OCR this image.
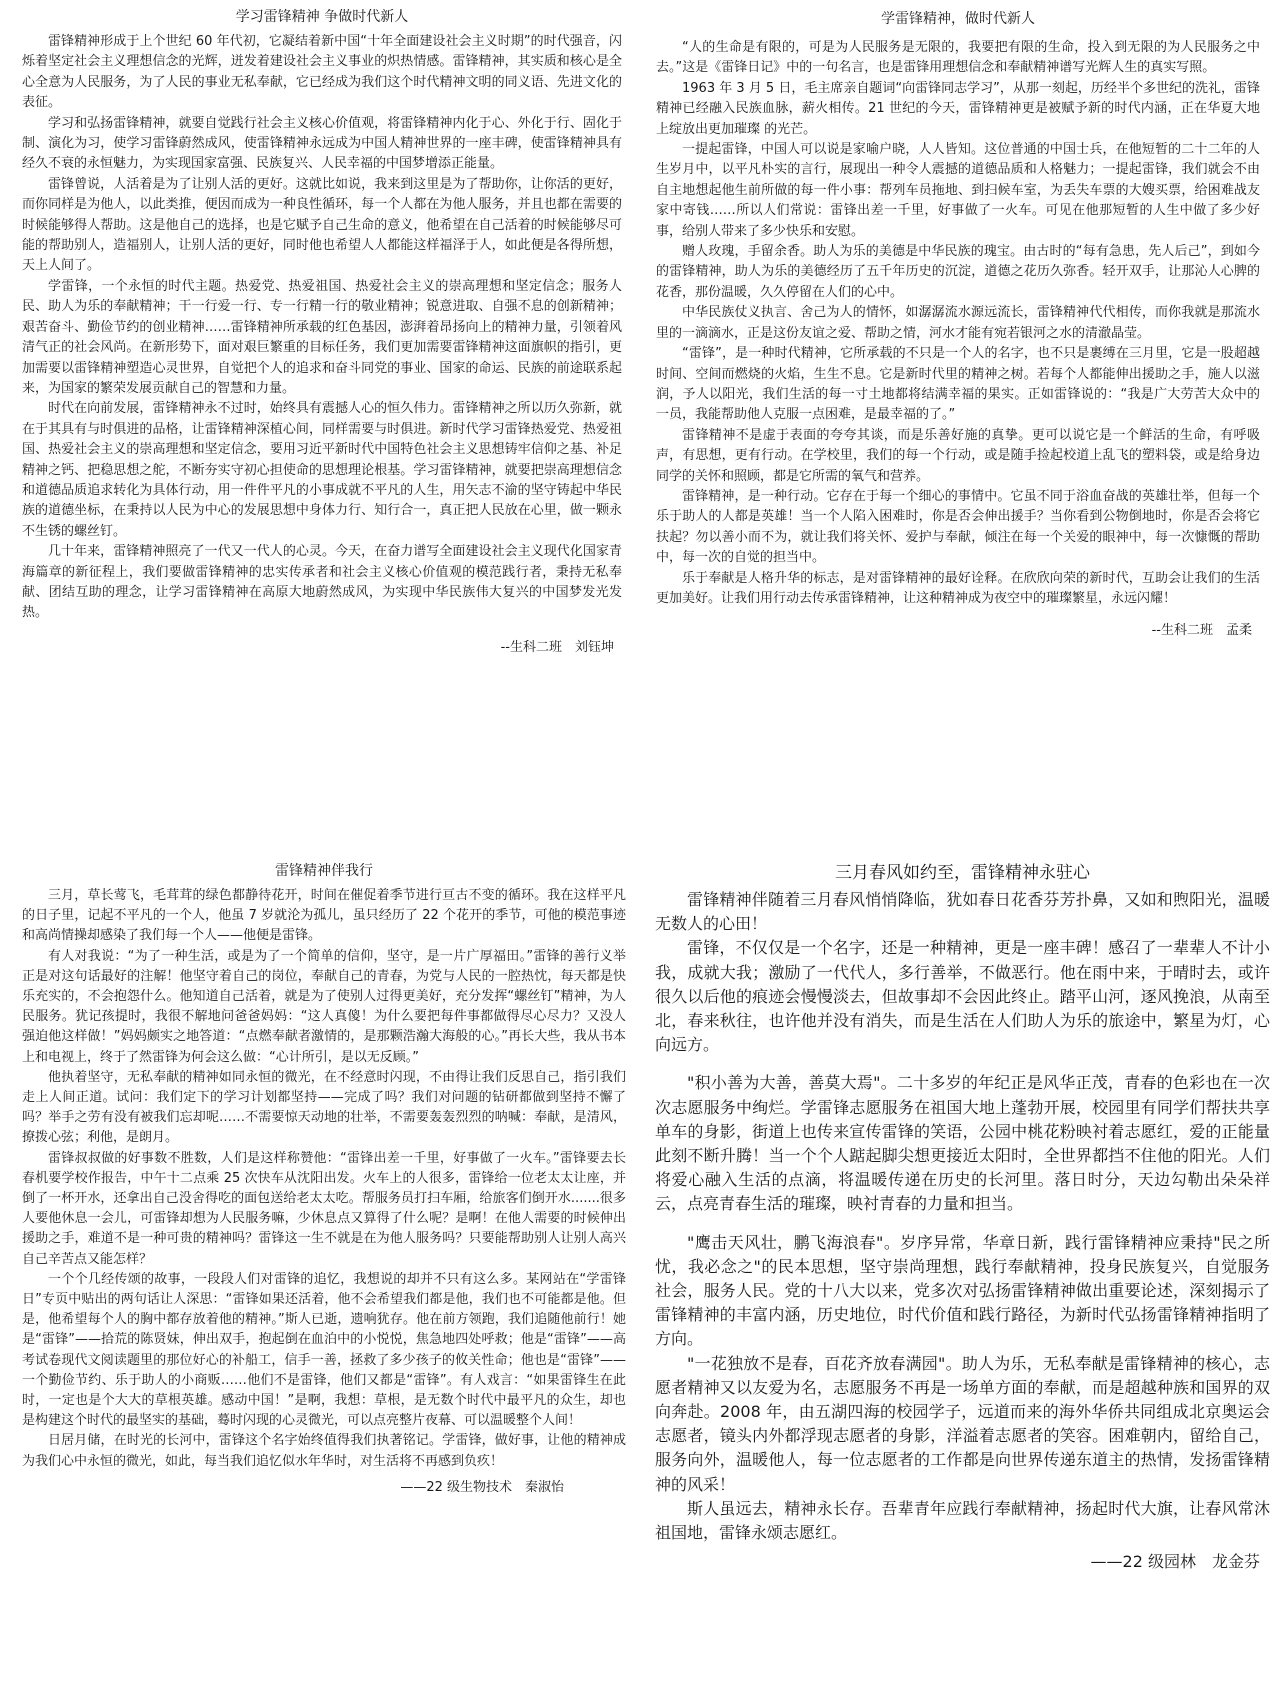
学习雷锋精神 争做时代新人

雷锋精神形成于上个世纪 60 年代初，它凝结着新中国“十年全面建设社会主义时期”的时代强音，闪烁着坚定社会主义理想信念的光辉，迸发着建设社会主义事业的炽热情感。雷锋精神，其实质和核心是全心全意为人民服务，为了人民的事业无私奉献，它已经成为我们这个时代精神文明的同义语、先进文化的表征。

学习和弘扬雷锋精神，就要自觉践行社会主义核心价值观，将雷锋精神内化于心、外化于行、固化于制、演化为习，使学习雷锋蔚然成风，使雷锋精神永远成为中国人精神世界的一座丰碑，使雷锋精神具有经久不衰的永恒魅力，为实现国家富强、民族复兴、人民幸福的中国梦增添正能量。

雷锋曾说，人活着是为了让别人活的更好。这就比如说，我来到这里是为了帮助你，让你活的更好，而你同样是为他人，以此类推，便因而成为一种良性循环，每一个人都在为他人服务，并且也都在需要的时候能够得人帮助。这是他自己的选择，也是它赋予自己生命的意义，他希望在自己活着的时候能够尽可能的帮助别人，造福别人，让别人活的更好，同时他也希望人人都能这样福泽于人，如此便是各得所想，天上人间了。

学雷锋，一个永恒的时代主题。热爱党、热爱祖国、热爱社会主义的崇高理想和坚定信念；服务人民、助人为乐的奉献精神；干一行爱一行、专一行精一行的敬业精神；锐意进取、自强不息的创新精神；艰苦奋斗、勤俭节约的创业精神……雷锋精神所承载的红色基因，澎湃着昂扬向上的精神力量，引领着风清气正的社会风尚。在新形势下，面对艰巨繁重的目标任务，我们更加需要雷锋精神这面旗帜的指引，更加需要以雷锋精神塑造心灵世界，自觉把个人的追求和奋斗同党的事业、国家的命运、民族的前途联系起来，为国家的繁荣发展贡献自己的智慧和力量。

时代在向前发展，雷锋精神永不过时，始终具有震撼人心的恒久伟力。雷锋精神之所以历久弥新，就在于其具有与时俱进的品格，让雷锋精神深植心间，同样需要与时俱进。新时代学习雷锋热爱党、热爱祖国、热爱社会主义的崇高理想和坚定信念，要用习近平新时代中国特色社会主义思想铸牢信仰之基、补足精神之钙、把稳思想之舵，不断夯实守初心担使命的思想理论根基。学习雷锋精神，就要把崇高理想信念和道德品质追求转化为具体行动，用一件件平凡的小事成就不平凡的人生，用矢志不渝的坚守铸起中华民族的道德坐标，在秉持以人民为中心的发展思想中身体力行、知行合一，真正把人民放在心里，做一颗永不生锈的螺丝钉。

几十年来，雷锋精神照亮了一代又一代人的心灵。今天，在奋力谱写全面建设社会主义现代化国家青海篇章的新征程上，我们要做雷锋精神的忠实传承者和社会主义核心价值观的模范践行者，秉持无私奉献、团结互助的理念，让学习雷锋精神在高原大地蔚然成风，为实现中华民族伟大复兴的中国梦发光发热。

--生科二班　刘钰坤
学雷锋精神，做时代新人

“人的生命是有限的，可是为人民服务是无限的，我要把有限的生命，投入到无限的为人民服务之中去。”这是《雷锋日记》中的一句名言，也是雷锋用理想信念和奉献精神谱写光辉人生的真实写照。

1963 年 3 月 5 日，毛主席亲自题词“向雷锋同志学习”，从那一刻起，历经半个多世纪的洗礼，雷锋精神已经融入民族血脉，薪火相传。21 世纪的今天，雷锋精神更是被赋予新的时代内涵，正在华夏大地上绽放出更加璀璨 的光芒。

一提起雷锋，中国人可以说是家喻户晓，人人皆知。这位普通的中国士兵，在他短暂的二十二年的人生岁月中，以平凡朴实的言行，展现出一种令人震撼的道德品质和人格魅力；一提起雷锋，我们就会不由自主地想起他生前所做的每一件小事：帮列车员拖地、到扫候车室，为丢失车票的大嫂买票，给困难战友家中寄钱……所以人们常说：雷锋出差一千里，好事做了一火车。可见在他那短暂的人生中做了多少好事，给别人带来了多少快乐和安慰。

赠人玫瑰，手留余香。助人为乐的美德是中华民族的瑰宝。由古时的“每有急患，先人后己”，到如今的雷锋精神，助人为乐的美德经历了五千年历史的沉淀，道德之花历久弥香。轻开双手，让那沁人心脾的花香，那份温暖，久久停留在人们的心中。

中华民族仗义执言、舍己为人的情怀，如潺潺流水源远流长，雷锋精神代代相传，而你我就是那流水里的一滴滴水，正是这份友谊之爱、帮助之情，河水才能有宛若银河之水的清澈晶莹。

“雷锋”，是一种时代精神，它所承载的不只是一个人的名字，也不只是裹缚在三月里，它是一股超越时间、空间而燃烧的火焰，生生不息。它是新时代里的精神之树。若每个人都能伸出援助之手，施人以滋润，予人以阳光，我们生活的每一寸土地都将结满幸福的果实。正如雷锋说的：“我是广大劳苦大众中的一员，我能帮助他人克服一点困难，是最幸福的了。”

雷锋精神不是虚于表面的夸夸其谈，而是乐善好施的真挚。更可以说它是一个鲜活的生命，有呼吸声，有思想，更有行动。在学校里，我们的每一个行动，或是随手捡起校道上乱飞的塑料袋，或是给身边同学的关怀和照顾，都是它所需的氧气和营养。

雷锋精神，是一种行动。它存在于每一个细心的事情中。它虽不同于浴血奋战的英雄壮举，但每一个乐于助人的人都是英雄！当一个人陷入困难时，你是否会伸出援手？当你看到公物倒地时，你是否会将它扶起？勿以善小而不为，就让我们将关怀、爱护与奉献，倾注在每一个关爱的眼神中，每一次慷慨的帮助中，每一次的自觉的担当中。

乐于奉献是人格升华的标志，是对雷锋精神的最好诠释。在欣欣向荣的新时代，互助会让我们的生活更加美好。让我们用行动去传承雷锋精神，让这种精神成为夜空中的璀璨繁星，永远闪耀！

--生科二班　孟柔
雷锋精神伴我行

三月，草长莺飞，毛茸茸的绿色都静待花开，时间在催促着季节进行亘古不变的循环。我在这样平凡的日子里，记起不平凡的一个人，他虽 7 岁就沦为孤儿，虽只经历了 22 个花开的季节，可他的模范事迹和高尚情操却感染了我们每一个人——他便是雷锋。

有人对我说：“为了一种生活，或是为了一个简单的信仰，坚守，是一片广厚福田。”雷锋的善行义举正是对这句话最好的注解！他坚守着自己的岗位，奉献自己的青春，为党与人民的一腔热忱，每天都是快乐充实的，不会抱怨什么。他知道自己活着，就是为了使别人过得更美好，充分发挥“螺丝钉”精神，为人民服务。犹记孩提时，我很不解地问爸爸妈妈：“这人真傻！为什么要把每件事都做得尽心尽力？又没人强迫他这样做！”妈妈颇实之地答道：“点燃奉献者激情的，是那颗浩瀚大海般的心。”再长大些，我从书本上和电视上，终于了然雷锋为何会这么做：“心计所引，是以无反顾。”

他执着坚守，无私奉献的精神如同永恒的微光，在不经意时闪现，不由得让我们反思自己，指引我们走上人间正道。试问：我们定下的学习计划都坚持——完成了吗？我们对问题的钻研都做到坚持不懈了吗？举手之劳有没有被我们忘却呢……不需要惊天动地的壮举，不需要轰轰烈烈的呐喊：奉献，是清风，撩拨心弦；利他，是朗月。

雷锋叔叔做的好事数不胜数，人们是这样称赞他：“雷锋出差一千里，好事做了一火车。”雷锋要去长春机要学校作报告，中午十二点乘 25 次快车从沈阳出发。火车上的人很多，雷锋给一位老太太让座，并倒了一杯开水，还拿出自己没舍得吃的面包送给老太太吃。帮服务员打扫车厢，给旅客们倒开水.......很多人要他休息一会儿，可雷锋却想为人民服务嘛，少休息点又算得了什么呢？是啊！在他人需要的时候伸出援助之手，难道不是一种可贵的精神吗？雷锋这一生不就是在为他人服务吗？只要能帮助别人让别人高兴自己辛苦点又能怎样？

一个个几经传颂的故事，一段段人们对雷锋的追忆，我想说的却并不只有这么多。某网站在“学雷锋日”专页中贴出的两句话让人深思：“雷锋如果还活着，他不会希望我们都是他，我们也不可能都是他。但是，他希望每个人的胸中都存放着他的精神。”斯人已逝，遗响犹存。他在前方领跑，我们追随他前行！她是“雷锋”——拾荒的陈贤妹，伸出双手，抱起倒在血泊中的小悦悦，焦急地四处呼救；他是“雷锋”——高考试卷现代文阅读题里的那位好心的补船工，信手一善，拯救了多少孩子的攸关性命；他也是“雷锋”——一个勤俭节约、乐于助人的小商贩……他们不是雷锋，他们又都是“雷锋”。有人戏言：“如果雷锋生在此时，一定也是个大大的草根英雄。感动中国！”是啊，我想：草根，是无数个时代中最平凡的众生，却也是构建这个时代的最坚实的基础，蓦时闪现的心灵微光，可以点亮整片夜幕、可以温暖整个人间！

日居月储，在时光的长河中，雷锋这个名字始终值得我们执著铭记。学雷锋，做好事，让他的精神成为我们心中永恒的微光，如此，每当我们追忆似水年华时，对生活将不再感到负疚！

——22 级生物技术　秦淑怡
三月春风如约至，雷锋精神永驻心

雷锋精神伴随着三月春风悄悄降临，犹如春日花香芬芳扑鼻，又如和煦阳光，温暖无数人的心田！

雷锋，不仅仅是一个名字，还是一种精神，更是一座丰碑！感召了一辈辈人不计小我，成就大我；激励了一代代人，多行善举，不做恶行。他在雨中来，于晴时去，或许很久以后他的痕迹会慢慢淡去，但故事却不会因此终止。踏平山河，逐风挽浪，从南至北，春来秋往，也许他并没有消失，而是生活在人们助人为乐的旅途中，繁星为灯，心向远方。

"积小善为大善，善莫大焉"。二十多岁的年纪正是风华正茂，青春的色彩也在一次次志愿服务中绚烂。学雷锋志愿服务在祖国大地上蓬勃开展，校园里有同学们帮扶共享单车的身影，街道上也传来宣传雷锋的笑语，公园中桃花粉映衬着志愿红，爱的正能量此刻不断升腾！当一个个人踮起脚尖想更接近太阳时，全世界都挡不住他的阳光。人们将爱心融入生活的点滴，将温暖传递在历史的长河里。落日时分，天边勾勒出朵朵祥云，点亮青春生活的璀璨，映衬青春的力量和担当。

"鹰击天风壮，鹏飞海浪春"。岁序异常，华章日新，践行雷锋精神应秉持"民之所忧，我必念之"的民本思想，坚守崇尚理想，践行奉献精神，投身民族复兴，自觉服务社会，服务人民。党的十八大以来，党多次对弘扬雷锋精神做出重要论述，深刻揭示了雷锋精神的丰富内涵，历史地位，时代价值和践行路径，为新时代弘扬雷锋精神指明了方向。

"一花独放不是春，百花齐放春满园"。助人为乐，无私奉献是雷锋精神的核心，志愿者精神又以友爱为名，志愿服务不再是一场单方面的奉献，而是超越种族和国界的双向奔赴。2008 年，由五湖四海的校园学子，远道而来的海外华侨共同组成北京奥运会志愿者，镜头内外都浮现志愿者的身影，洋溢着志愿者的笑容。困难朝内，留给自己，服务向外，温暖他人，每一位志愿者的工作都是向世界传递东道主的热情，发扬雷锋精神的风采！

斯人虽远去，精神永长存。吾辈青年应践行奉献精神，扬起时代大旗，让春风常沐祖国地，雷锋永颂志愿红。

——22 级园林　龙金芬
